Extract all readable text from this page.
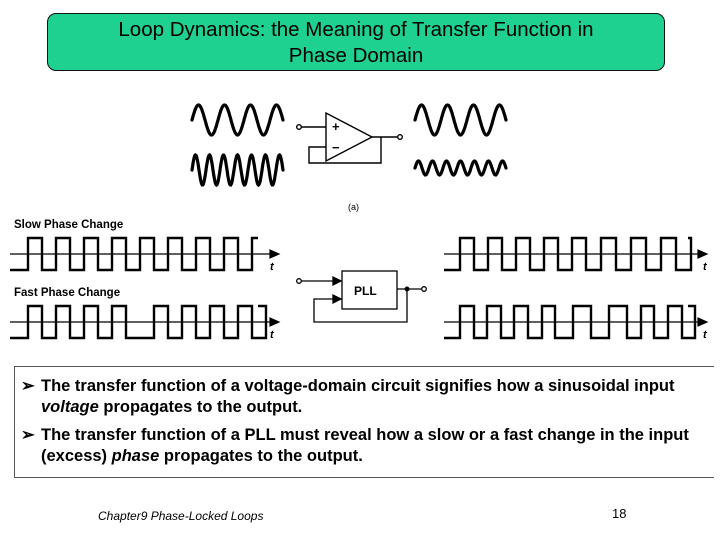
Loop Dynamics: the Meaning of Transfer Function in
Phase Domain
+
−
(a)
Slow Phase Change
Fast Phase Change
t
t
t
t
PLL
➢ The transfer function of a voltage-domain circuit signifies how a sinusoidal input voltage propagates to the output.
➢ The transfer function of a PLL must reveal how a slow or a fast change in the input (excess) phase propagates to the output.
Chapter9 Phase-Locked Loops	18
